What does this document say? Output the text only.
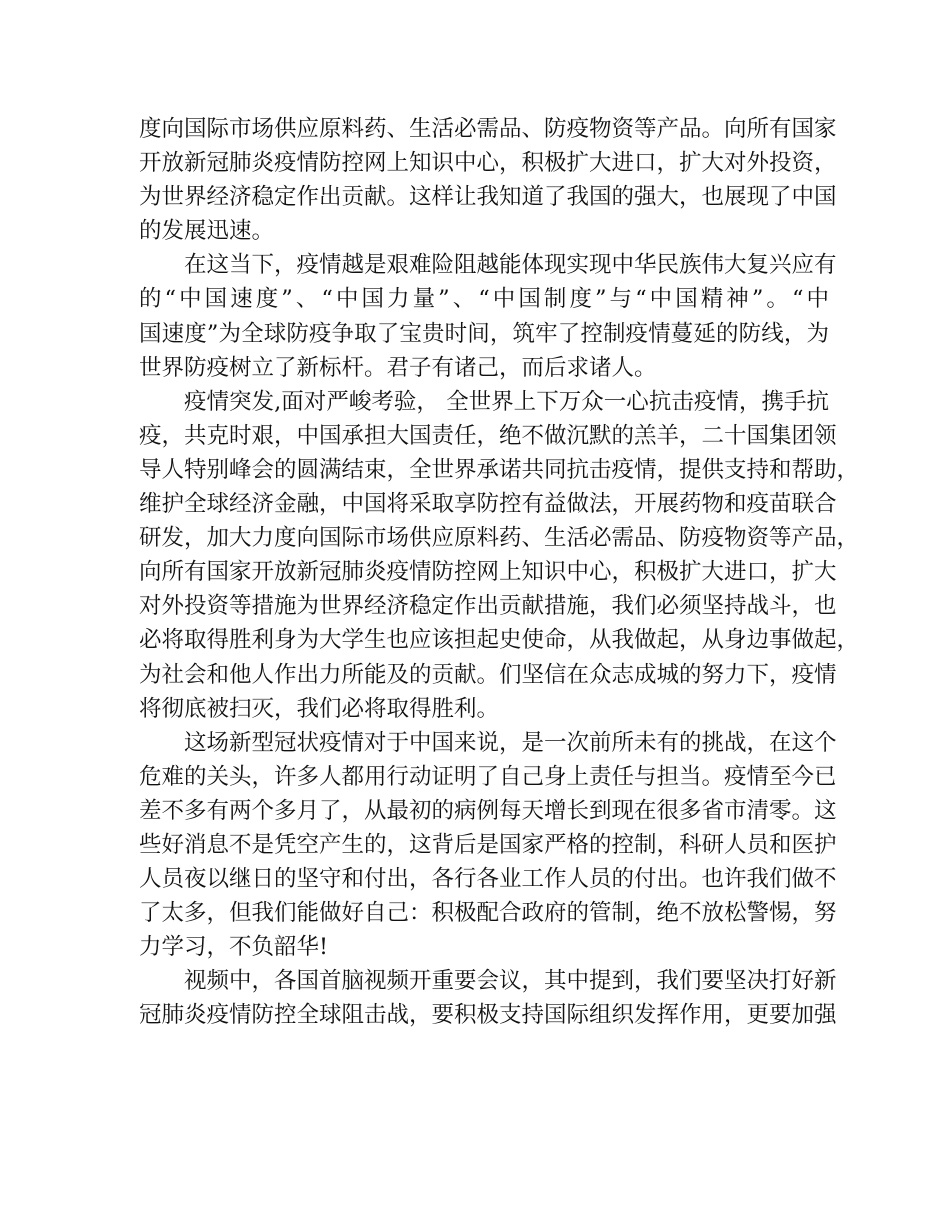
度向国际市场供应原料药、生活必需品、防疫物资等产品。向所有国家
开放新冠肺炎疫情防控网上知识中心，积极扩大进口，扩大对外投资，
为世界经济稳定作出贡献。这样让我知道了我国的强大，也展现了中国
的发展迅速。
在这当下，疫情越是艰难险阻越能体现实现中华民族伟大复兴应有
的“中国速度”、“中国力量”、“中国制度”与“中国精神”。“中
国速度”为全球防疫争取了宝贵时间，筑牢了控制疫情蔓延的防线，为
世界防疫树立了新标杆。君子有诸己，而后求诸人。
疫情突发,面对严峻考验， 全世界上下万众一心抗击疫情，携手抗
疫，共克时艰，中国承担大国责任，绝不做沉默的羔羊，二十国集团领
导人特别峰会的圆满结束，全世界承诺共同抗击疫情，提供支持和帮助，
维护全球经济金融，中国将采取享防控有益做法，开展药物和疫苗联合
研发，加大力度向国际市场供应原料药、生活必需品、防疫物资等产品，
向所有国家开放新冠肺炎疫情防控网上知识中心，积极扩大进口，扩大
对外投资等措施为世界经济稳定作出贡献措施，我们必须坚持战斗，也
必将取得胜利身为大学生也应该担起史使命，从我做起，从身边事做起，
为社会和他人作出力所能及的贡献。们坚信在众志成城的努力下，疫情
将彻底被扫灭，我们必将取得胜利。
这场新型冠状疫情对于中国来说，是一次前所未有的挑战，在这个
危难的关头，许多人都用行动证明了自己身上责任与担当。疫情至今已
差不多有两个多月了，从最初的病例每天增长到现在很多省市清零。这
些好消息不是凭空产生的，这背后是国家严格的控制，科研人员和医护
人员夜以继日的坚守和付出，各行各业工作人员的付出。也许我们做不
了太多，但我们能做好自己：积极配合政府的管制，绝不放松警惕，努
力学习，不负韶华!
视频中，各国首脑视频开重要会议，其中提到，我们要坚决打好新
冠肺炎疫情防控全球阻击战，要积极支持国际组织发挥作用，更要加强
